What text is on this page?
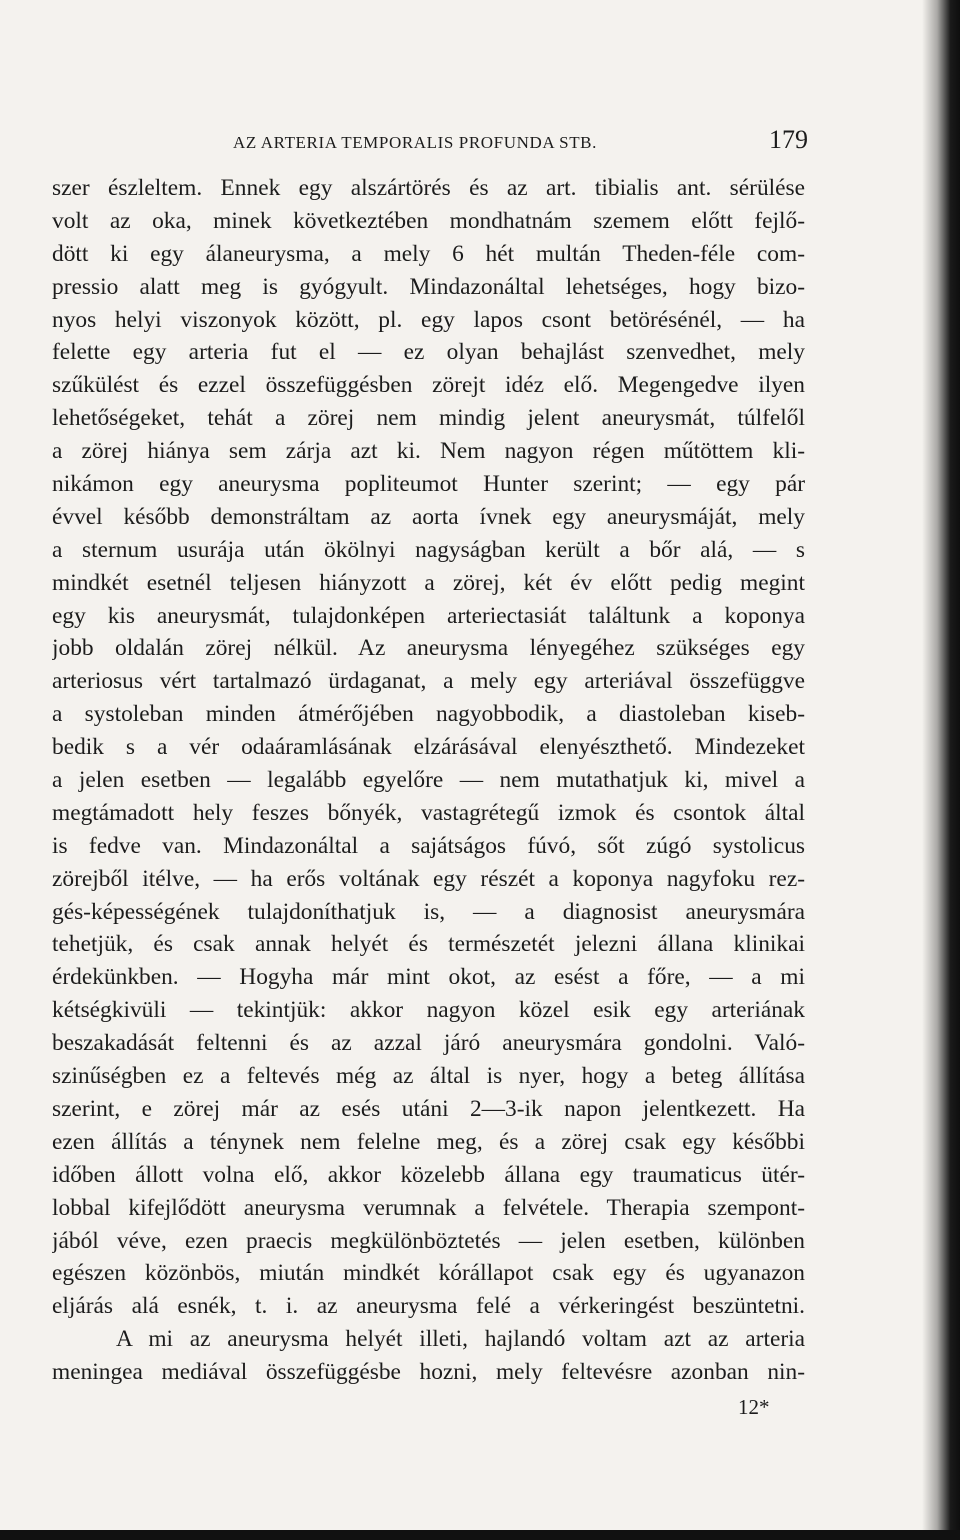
AZ ARTERIA TEMPORALIS PROFUNDA STB.	179
szer észleltem. Ennek egy alszártörés és az art. tibialis ant. sérülése
volt az oka, minek következtében mondhatnám szemem előtt fejlő-
dött ki egy álaneurysma, a mely 6 hét multán Theden-féle com-
pressio alatt meg is gyógyult. Mindazonáltal lehetséges, hogy bizo-
nyos helyi viszonyok között, pl. egy lapos csont betörésénél, — ha
felette egy arteria fut el — ez olyan behajlást szenvedhet, mely
szűkülést és ezzel összefüggésben zörejt idéz elő. Megengedve ilyen
lehetőségeket, tehát a zörej nem mindig jelent aneurysmát, túlfelől
a zörej hiánya sem zárja azt ki. Nem nagyon régen műtöttem kli-
nikámon egy aneurysma popliteumot Hunter szerint; — egy pár
évvel később demonstráltam az aorta ívnek egy aneurysmáját, mely
a sternum usurája után ökölnyi nagyságban került a bőr alá, — s
mindkét esetnél teljesen hiányzott a zörej, két év előtt pedig megint
egy kis aneurysmát, tulajdonképen arteriectasiát találtunk a koponya
jobb oldalán zörej nélkül. Az aneurysma lényegéhez szükséges egy
arteriosus vért tartalmazó ürdaganat, a mely egy arteriával összefüggve
a systoleban minden átmérőjében nagyobbodik, a diastoleban kiseb-
bedik s a vér odaáramlásának elzárásával elenyészthető. Mindezeket
a jelen esetben — legalább egyelőre — nem mutathatjuk ki, mivel a
megtámadott hely feszes bőnyék, vastagrétegű izmok és csontok által
is fedve van. Mindazonáltal a sajátságos fúvó, sőt zúgó systolicus
zörejből itélve, — ha erős voltának egy részét a koponya nagyfoku rez-
gés-képességének tulajdoníthatjuk is, — a diagnosist aneurysmára
tehetjük, és csak annak helyét és természetét jelezni állana klinikai
érdekünkben. — Hogyha már mint okot, az esést a főre, — a mi
kétségkivüli — tekintjük: akkor nagyon közel esik egy arteriának
beszakadását feltenni és az azzal járó aneurysmára gondolni. Való-
szinűségben ez a feltevés még az által is nyer, hogy a beteg állítása
szerint, e zörej már az esés utáni 2—3-ik napon jelentkezett. Ha
ezen állítás a ténynek nem felelne meg, és a zörej csak egy későbbi
időben állott volna elő, akkor közelebb állana egy traumaticus ütér-
lobbal kifejlődött aneurysma verumnak a felvétele. Therapia szempont-
jából véve, ezen praecis megkülönböztetés — jelen esetben, különben
egészen közönbös, miután mindkét kórállapot csak egy és ugyanazon
eljárás alá esnék, t. i. az aneurysma felé a vérkeringést beszüntetni.
A mi az aneurysma helyét illeti, hajlandó voltam azt az arteria
meningea mediával összefüggésbe hozni, mely feltevésre azonban nin-
12*
